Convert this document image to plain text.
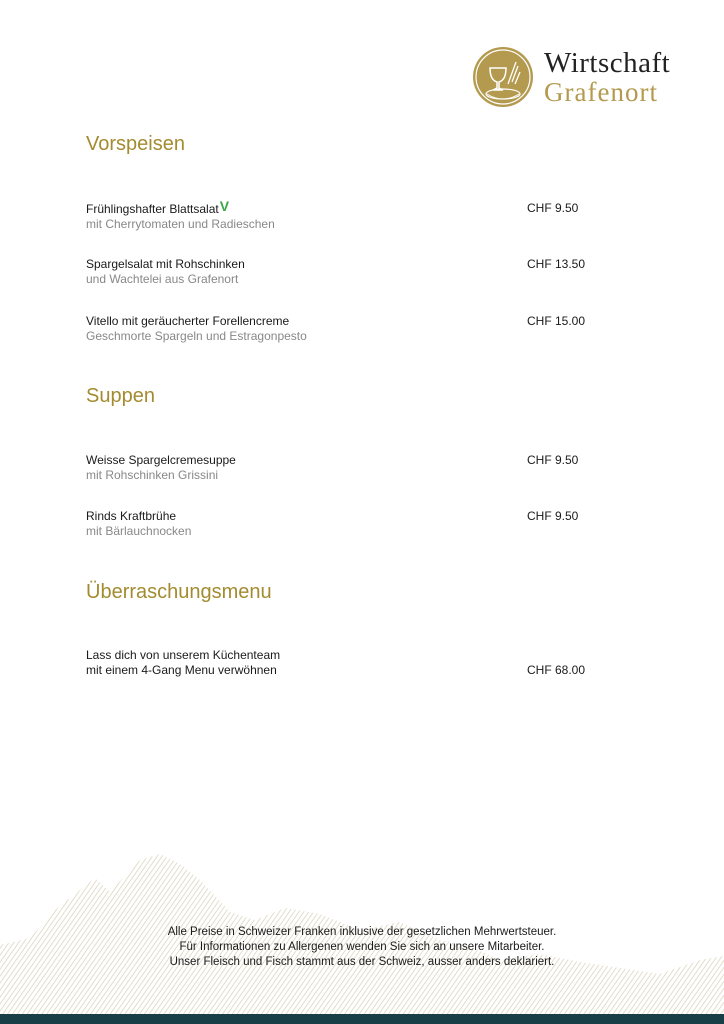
Wirtschaft
Grafenort
Vorspeisen
Frühlingshafter BlattsalatV
mit Cherrytomaten und Radieschen
CHF 9.50
Spargelsalat mit Rohschinken
und Wachtelei aus Grafenort
CHF 13.50
Vitello mit geräucherter Forellencreme
Geschmorte Spargeln und Estragonpesto
CHF 15.00
Suppen
Weisse Spargelcremesuppe
mit Rohschinken Grissini
CHF 9.50
Rinds Kraftbrühe
mit Bärlauchnocken
CHF 9.50
Überraschungsmenu
Lass dich von unserem Küchenteam
mit einem 4-Gang Menu verwöhnen	CHF 68.00
Alle Preise in Schweizer Franken inklusive der gesetzlichen Mehrwertsteuer.
Für Informationen zu Allergenen wenden Sie sich an unsere Mitarbeiter.
Unser Fleisch und Fisch stammt aus der Schweiz, ausser anders deklariert.
